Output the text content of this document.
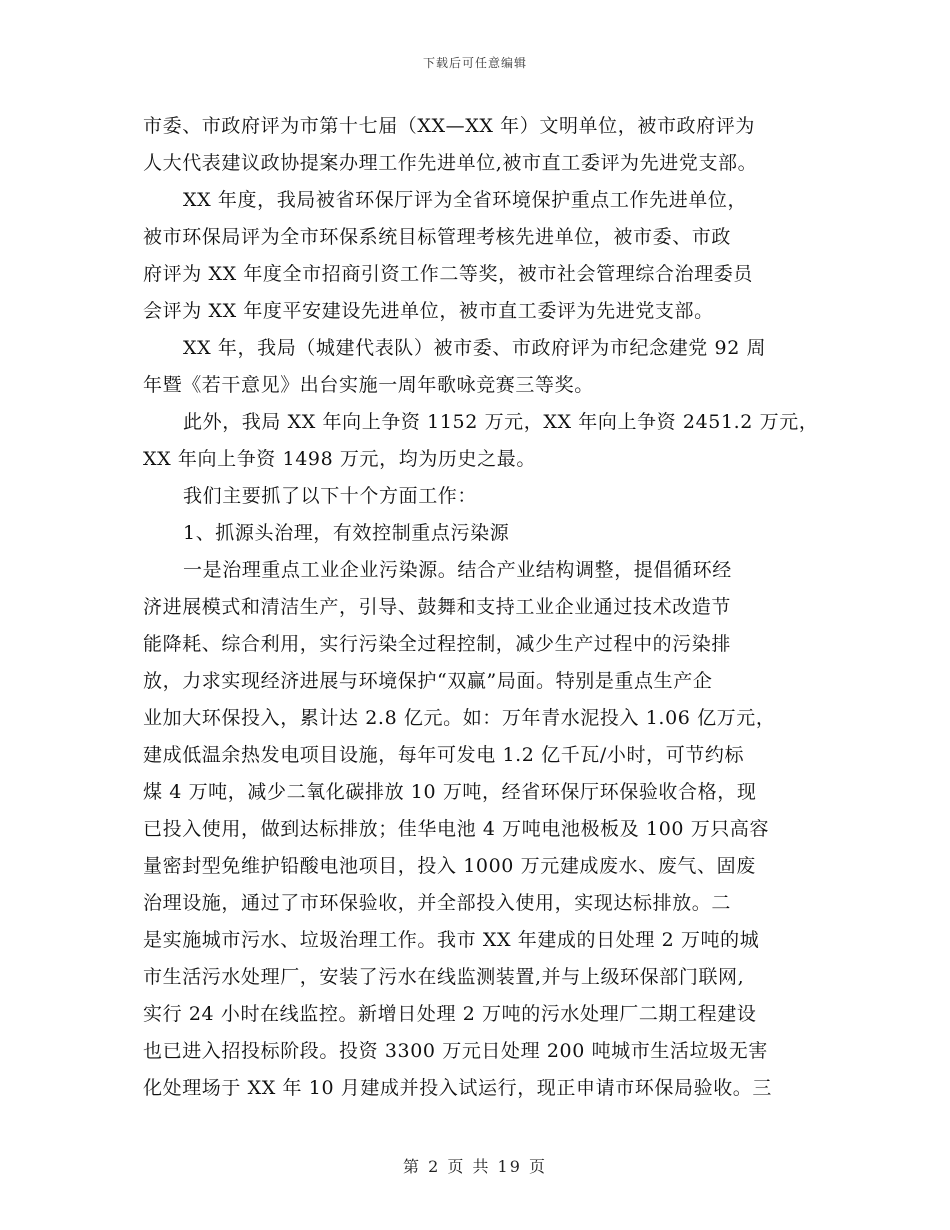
下载后可任意编辑
市委、市政府评为市第十七届（XX—XX 年）文明单位，被市政府评为
人大代表建议政协提案办理工作先进单位,被市直工委评为先进党支部。
XX 年度，我局被省环保厅评为全省环境保护重点工作先进单位，
被市环保局评为全市环保系统目标管理考核先进单位，被市委、市政
府评为 XX 年度全市招商引资工作二等奖，被市社会管理综合治理委员
会评为 XX 年度平安建设先进单位，被市直工委评为先进党支部。
XX 年，我局（城建代表队）被市委、市政府评为市纪念建党 92 周
年暨《若干意见》出台实施一周年歌咏竞赛三等奖。
此外，我局 XX 年向上争资 1152 万元，XX 年向上争资 2451.2 万元，
XX 年向上争资 1498 万元，均为历史之最。
我们主要抓了以下十个方面工作：
1、抓源头治理，有效控制重点污染源
一是治理重点工业企业污染源。结合产业结构调整，提倡循环经
济进展模式和清洁生产，引导、鼓舞和支持工业企业通过技术改造节
能降耗、综合利用，实行污染全过程控制，减少生产过程中的污染排
放，力求实现经济进展与环境保护“双赢”局面。特别是重点生产企
业加大环保投入，累计达 2.8 亿元。如：万年青水泥投入 1.06 亿万元，
建成低温余热发电项目设施，每年可发电 1.2 亿千瓦/小时，可节约标
煤 4 万吨，减少二氧化碳排放 10 万吨，经省环保厅环保验收合格，现
已投入使用，做到达标排放；佳华电池 4 万吨电池极板及 100 万只高容
量密封型免维护铅酸电池项目，投入 1000 万元建成废水、废气、固废
治理设施，通过了市环保验收，并全部投入使用，实现达标排放。二
是实施城市污水、垃圾治理工作。我市 XX 年建成的日处理 2 万吨的城
市生活污水处理厂，安装了污水在线监测装置,并与上级环保部门联网,
实行 24 小时在线监控。新增日处理 2 万吨的污水处理厂二期工程建设
也已进入招投标阶段。投资 3300 万元日处理 200 吨城市生活垃圾无害
化处理场于 XX 年 10 月建成并投入试运行，现正申请市环保局验收。三
第 2 页 共 19 页
